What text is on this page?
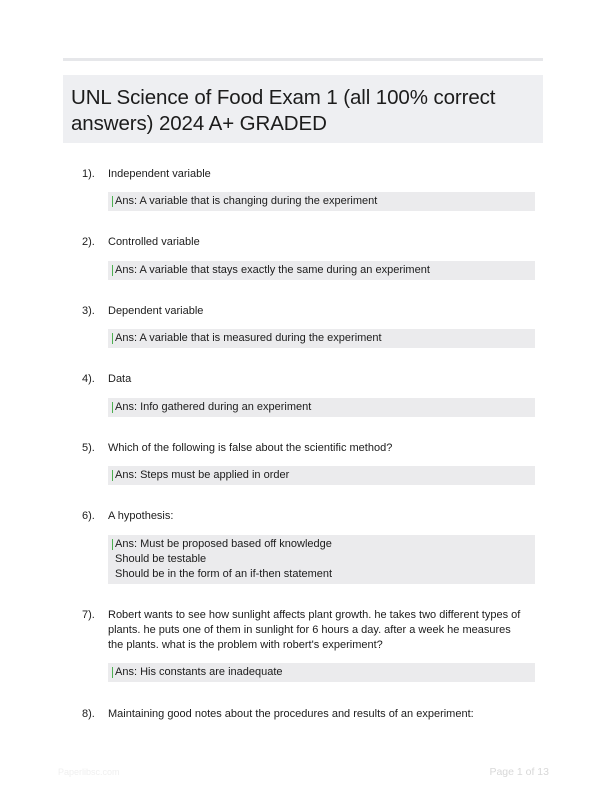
UNL Science of Food Exam 1 (all 100% correct answers) 2024 A+ GRADED
1). Independent variable
Ans: A variable that is changing during the experiment
2). Controlled variable
Ans: A variable that stays exactly the same during an experiment
3). Dependent variable
Ans: A variable that is measured during the experiment
4). Data
Ans: Info gathered during an experiment
5). Which of the following is false about the scientific method?
Ans: Steps must be applied in order
6). A hypothesis:
Ans: Must be proposed based off knowledge
Should be testable
Should be in the form of an if-then statement
7). Robert wants to see how sunlight affects plant growth. he takes two different types of plants. he puts one of them in sunlight for 6 hours a day. after a week he measures the plants. what is the problem with robert's experiment?
Ans: His constants are inadequate
8). Maintaining good notes about the procedures and results of an experiment:
Paperlibsc.com	Page 1 of 13
